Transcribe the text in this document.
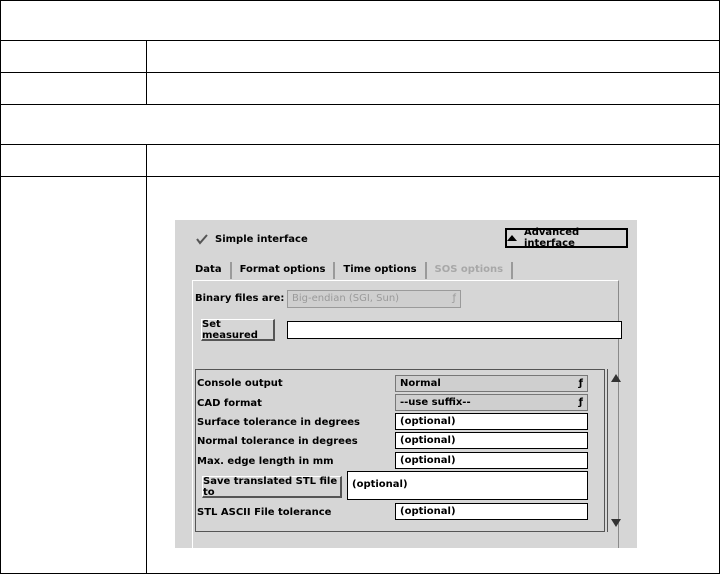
Simple interface
Advanced interface
Data	Format options	Time options	SOS options
Binary files are: Big-endian (SGI, Sun)	ƒ
Set measured
Console output	Normal	ƒ
CAD format	--use suffix--	ƒ
Surface tolerance in degrees	(optional)
Normal tolerance in degrees	(optional)
Max. edge length in mm	(optional)
Save translated STL file to
(optional)
STL ASCII File tolerance	(optional)
